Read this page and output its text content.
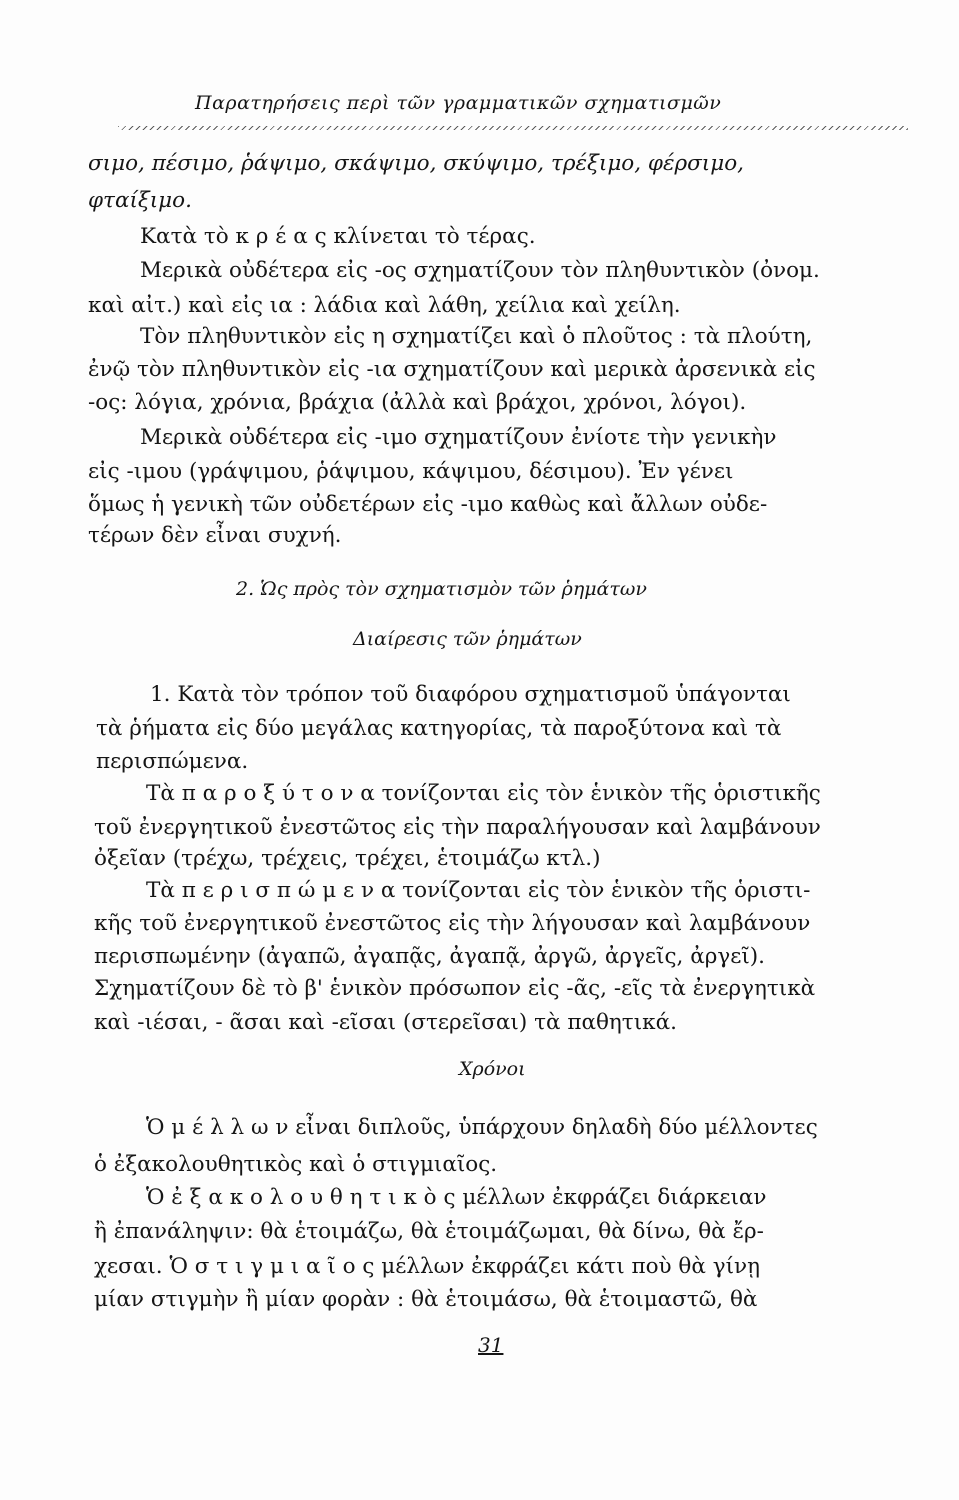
Παρατηρήσεις περὶ τῶν γραμματικῶν σχηματισμῶν
σιμο, πέσιμο, ῥάψιμο, σκάψιμο, σκύψιμο, τρέξιμο, φέρσιμο,
φταίξιμο.
Κατὰ τὸ κ ρ έ α ς κλίνεται τὸ τέρας.
Μερικὰ οὐδέτερα εἰς -ος σχηματίζουν τὸν πληθυντικὸν (ὀνομ.
καὶ αἰτ.) καὶ εἰς ια : λάδια καὶ λάθη, χείλια καὶ χείλη.
Τὸν πληθυντικὸν εἰς η σχηματίζει καὶ ὁ πλοῦτος : τὰ πλούτη,
ἐνῷ τὸν πληθυντικὸν εἰς -ια σχηματίζουν καὶ μερικὰ ἀρσενικὰ εἰς
-ος: λόγια, χρόνια, βράχια (ἀλλὰ καὶ βράχοι, χρόνοι, λόγοι).
Μερικὰ οὐδέτερα εἰς -ιμο σχηματίζουν ἐνίοτε τὴν γενικὴν
εἰς -ιμου (γράψιμου, ῥάψιμου, κάψιμου, δέσιμου). Ἐν γένει
ὅμως ἡ γενικὴ τῶν οὐδετέρων εἰς -ιμο καθὼς καὶ ἄλλων οὐδε-
τέρων δὲν εἶναι συχνή.
2. Ὡς πρὸς τὸν σχηματισμὸν τῶν ῥημάτων
Διαίρεσις τῶν ῥημάτων
1. Κατὰ τὸν τρόπον τοῦ διαφόρου σχηματισμοῦ ὑπάγονται
τὰ ῥήματα εἰς δύο μεγάλας κατηγορίας, τὰ παροξύτονα καὶ τὰ
περισπώμενα.
Τὰ π α ρ ο ξ ύ τ ο ν α τονίζονται εἰς τὸν ἑνικὸν τῆς ὁριστικῆς
τοῦ ἐνεργητικοῦ ἐνεστῶτος εἰς τὴν παραλήγουσαν καὶ λαμβάνουν
ὀξεῖαν (τρέχω, τρέχεις, τρέχει, ἑτοιμάζω κτλ.)
Τὰ π ε ρ ι σ π ώ μ ε ν α τονίζονται εἰς τὸν ἑνικὸν τῆς ὁριστι-
κῆς τοῦ ἐνεργητικοῦ ἐνεστῶτος εἰς τὴν λήγουσαν καὶ λαμβάνουν
περισπωμένην (ἀγαπῶ, ἀγαπᾷς, ἀγαπᾷ, ἀργῶ, ἀργεῖς, ἀργεῖ).
Σχηματίζουν δὲ τὸ β' ἑνικὸν πρόσωπον εἰς -ᾶς, -εῖς τὰ ἐνεργητικὰ
καὶ -ιέσαι, - ᾶσαι καὶ -εῖσαι (στερεῖσαι) τὰ παθητικά.
Χρόνοι
Ὁ μ έ λ λ ω ν εἶναι διπλοῦς, ὑπάρχουν δηλαδὴ δύο μέλλοντες
ὁ ἐξακολουθητικὸς καὶ ὁ στιγμιαῖος.
Ὁ ἐ ξ α κ ο λ ο υ θ η τ ι κ ὸ ς μέλλων ἐκφράζει διάρκειαν
ἢ ἐπανάληψιν: θὰ ἑτοιμάζω, θὰ ἑτοιμάζωμαι, θὰ δίνω, θὰ ἔρ-
χεσαι. Ὁ σ τ ι γ μ ι α ῖ ο ς μέλλων ἐκφράζει κάτι ποὺ θὰ γίνῃ
μίαν στιγμὴν ἢ μίαν φορὰν : θὰ ἑτοιμάσω, θὰ ἑτοιμαστῶ, θὰ
31
